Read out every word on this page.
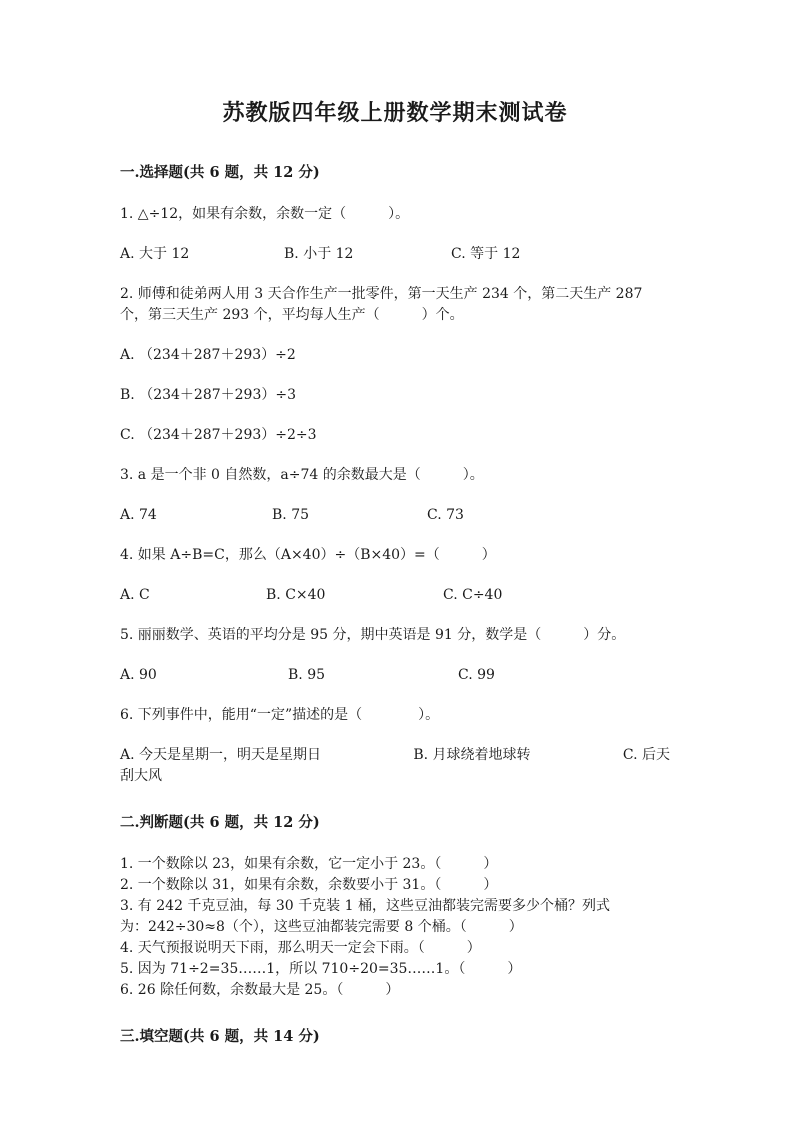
苏教版四年级上册数学期末测试卷
一.选择题(共 6 题，共 12 分)
1. △÷12，如果有余数，余数一定（　　　）。
A. 大于 12	B. 小于 12	C. 等于 12
2. 师傅和徒弟两人用 3 天合作生产一批零件，第一天生产 234 个，第二天生产 287 个，第三天生产 293 个，平均每人生产（　　　）个。
A. （234＋287＋293）÷2
B. （234＋287＋293）÷3
C. （234＋287＋293）÷2÷3
3. a 是一个非 0 自然数，a÷74 的余数最大是（　　　）。
A. 74	B. 75	C. 73
4. 如果 A÷B=C，那么（A×40）÷（B×40）=（　　　）
A. C	B. C×40	C. C÷40
5. 丽丽数学、英语的平均分是 95 分，期中英语是 91 分，数学是（　　　）分。
A. 90	B. 95	C. 99
6. 下列事件中，能用“一定”描述的是（　　　　）。
A. 今天是星期一，明天是星期日	B. 月球绕着地球转	C. 后天
刮大风
二.判断题(共 6 题，共 12 分)
1. 一个数除以 23，如果有余数，它一定小于 23。（　　　）
2. 一个数除以 31，如果有余数，余数要小于 31。（　　　）
3. 有 242 千克豆油，每 30 千克装 1 桶，这些豆油都装完需要多少个桶？列式
为：242÷30≈8（个），这些豆油都装完需要 8 个桶。（　　　）
4. 天气预报说明天下雨，那么明天一定会下雨。（　　　）
5. 因为 71÷2=35……1，所以 710÷20=35……1。（　　　）
6. 26 除任何数，余数最大是 25。（　　　）
三.填空题(共 6 题，共 14 分)
